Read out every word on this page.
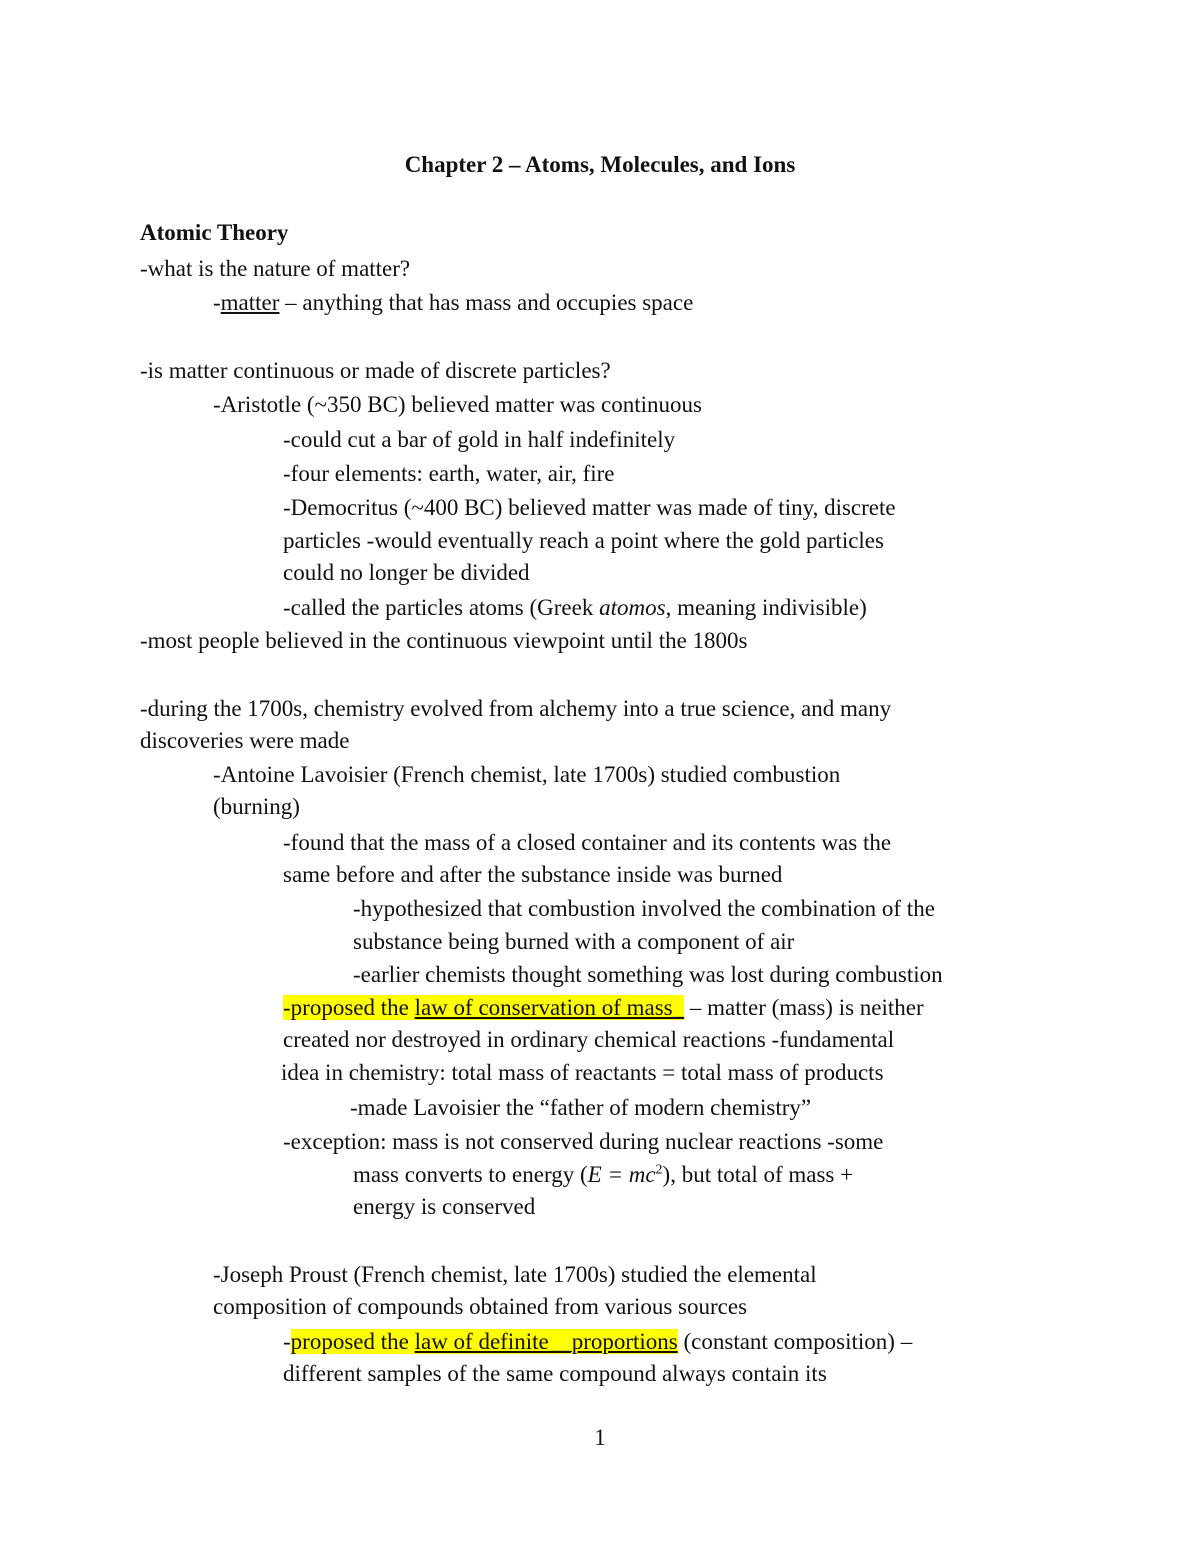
Chapter 2 – Atoms, Molecules, and Ions
Atomic Theory
-what is the nature of matter?
-matter – anything that has mass and occupies space
-is matter continuous or made of discrete particles?
-Aristotle (~350 BC) believed matter was continuous
-could cut a bar of gold in half indefinitely
-four elements: earth, water, air, fire
-Democritus (~400 BC) believed matter was made of tiny, discrete
particles -would eventually reach a point where the gold particles
could no longer be divided
-called the particles atoms (Greek atomos, meaning indivisible)
-most people believed in the continuous viewpoint until the 1800s
-during the 1700s, chemistry evolved from alchemy into a true science, and many
discoveries were made
-Antoine Lavoisier (French chemist, late 1700s) studied combustion
(burning)
-found that the mass of a closed container and its contents was the
same before and after the substance inside was burned
-hypothesized that combustion involved the combination of the
substance being burned with a component of air
-earlier chemists thought something was lost during combustion
-proposed the law of conservation of mass_ – matter (mass) is neither
created nor destroyed in ordinary chemical reactions -fundamental
idea in chemistry: total mass of reactants = total mass of products
-made Lavoisier the “father of modern chemistry”
-exception: mass is not conserved during nuclear reactions -some
mass converts to energy $(E = mc^2)$, but total of mass +
energy is conserved
-Joseph Proust (French chemist, late 1700s) studied the elemental
composition of compounds obtained from various sources
-proposed the law of definite__proportions (constant composition) –
different samples of the same compound always contain its
1
